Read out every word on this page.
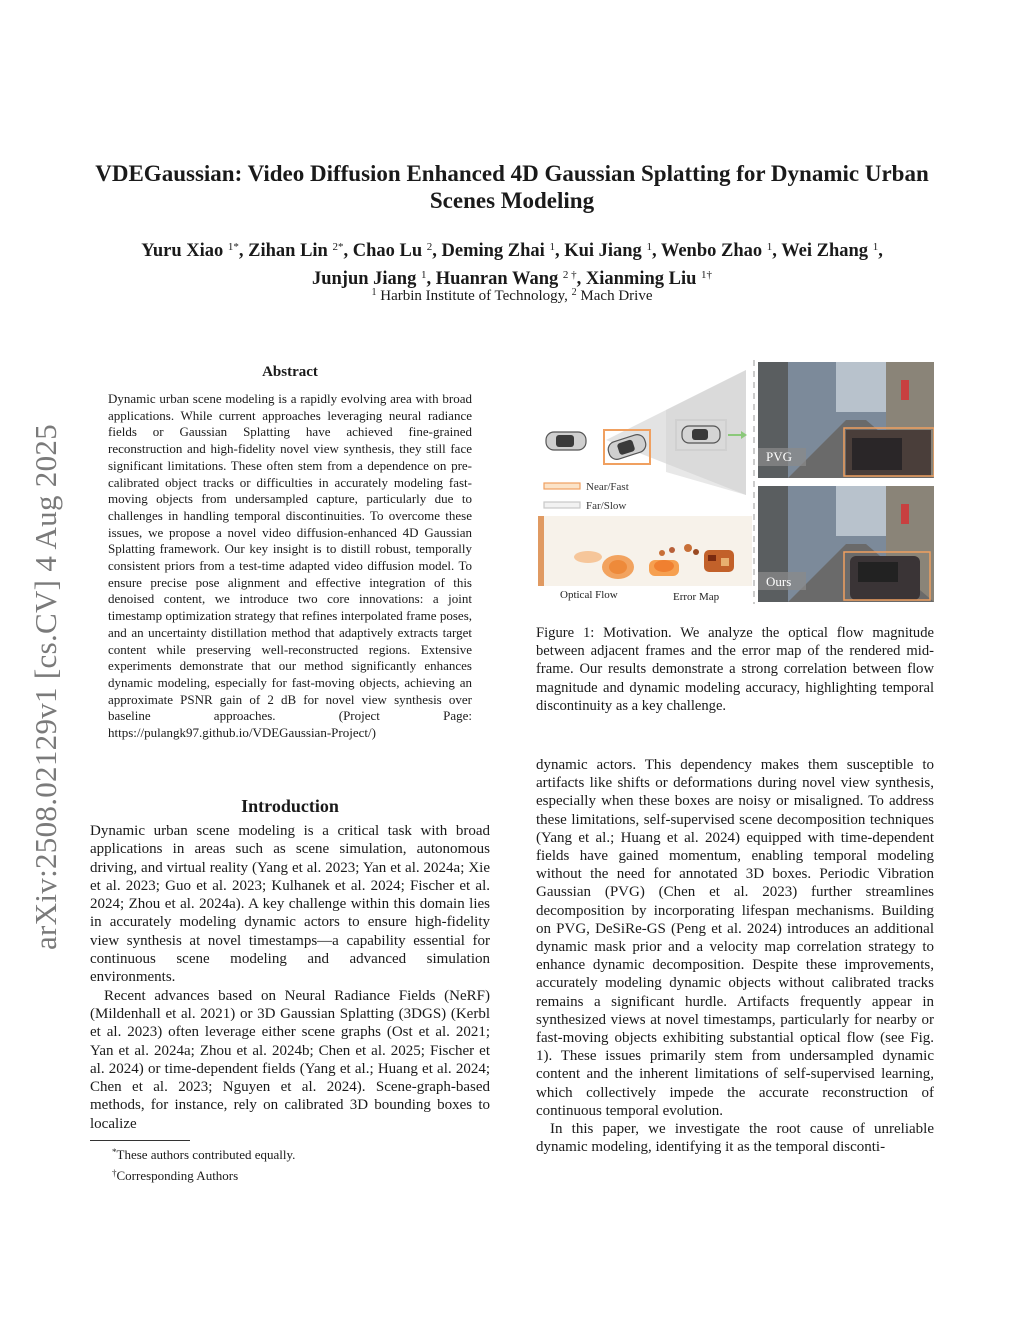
arXiv:2508.02129v1 [cs.CV] 4 Aug 2025
VDEGaussian: Video Diffusion Enhanced 4D Gaussian Splatting for Dynamic Urban Scenes Modeling
Yuru Xiao $^{1*}$, Zihan Lin $^{2*}$, Chao Lu $^2$, Deming Zhai $^1$, Kui Jiang $^1$, Wenbo Zhao $^1$, Wei Zhang $^1$,
Junjun Jiang $^1$, Huanran Wang $^{2 \dagger}$, Xianming Liu $^{1\dagger}$
$^1$ Harbin Institute of Technology, $^2$ Mach Drive
Abstract
Dynamic urban scene modeling is a rapidly evolving area with broad applications. While current approaches leveraging neural radiance fields or Gaussian Splatting have achieved fine-grained reconstruction and high-fidelity novel view synthesis, they still face significant limitations. These often stem from a dependence on pre-calibrated object tracks or difficulties in accurately modeling fast-moving objects from undersampled capture, particularly due to challenges in handling temporal discontinuities. To overcome these issues, we propose a novel video diffusion-enhanced 4D Gaussian Splatting framework. Our key insight is to distill robust, temporally consistent priors from a test-time adapted video diffusion model. To ensure precise pose alignment and effective integration of this denoised content, we introduce two core innovations: a joint timestamp optimization strategy that refines interpolated frame poses, and an uncertainty distillation method that adaptively extracts target content while preserving well-reconstructed regions. Extensive experiments demonstrate that our method significantly enhances dynamic modeling, especially for fast-moving objects, achieving an approximate PSNR gain of 2 dB for novel view synthesis over baseline approaches. (Project Page: https://pulangk97.github.io/VDEGaussian-Project/)
Introduction

Dynamic urban scene modeling is a critical task with broad applications in areas such as scene simulation, autonomous driving, and virtual reality (Yang et al. 2023; Yan et al. 2024a; Xie et al. 2023; Guo et al. 2023; Kulhanek et al. 2024; Fischer et al. 2024; Zhou et al. 2024a). A key challenge within this domain lies in accurately modeling dynamic actors to ensure high-fidelity view synthesis at novel timestamps—a capability essential for continuous scene modeling and advanced simulation environments.

Recent advances based on Neural Radiance Fields (NeRF) (Mildenhall et al. 2021) or 3D Gaussian Splatting (3DGS) (Kerbl et al. 2023) often leverage either scene graphs (Ost et al. 2021; Yan et al. 2024a; Zhou et al. 2024b; Chen et al. 2025; Fischer et al. 2024) or time-dependent fields (Yang et al.; Huang et al. 2024; Chen et al. 2023; Nguyen et al. 2024). Scene-graph-based methods, for instance, rely on calibrated 3D bounding boxes to localize

*These authors contributed equally.
†Corresponding Authors
Near/Fast
Far/Slow
Optical Flow	Error Map
PVG
Ours
Figure 1: Motivation. We analyze the optical flow magnitude between adjacent frames and the error map of the rendered mid-frame. Our results demonstrate a strong correlation between flow magnitude and dynamic modeling accuracy, highlighting temporal discontinuity as a key challenge.

dynamic actors. This dependency makes them susceptible to artifacts like shifts or deformations during novel view synthesis, especially when these boxes are noisy or misaligned. To address these limitations, self-supervised scene decomposition techniques (Yang et al.; Huang et al. 2024) equipped with time-dependent fields have gained momentum, enabling temporal modeling without the need for annotated 3D boxes. Periodic Vibration Gaussian (PVG) (Chen et al. 2023) further streamlines decomposition by incorporating lifespan mechanisms. Building on PVG, DeSiRe-GS (Peng et al. 2024) introduces an additional dynamic mask prior and a velocity map correlation strategy to enhance dynamic decomposition. Despite these improvements, accurately modeling dynamic objects without calibrated tracks remains a significant hurdle. Artifacts frequently appear in synthesized views at novel timestamps, particularly for nearby or fast-moving objects exhibiting substantial optical flow (see Fig. 1). These issues primarily stem from undersampled dynamic content and the inherent limitations of self-supervised learning, which collectively impede the accurate reconstruction of continuous temporal evolution.

In this paper, we investigate the root cause of unreliable dynamic modeling, identifying it as the temporal disconti-
